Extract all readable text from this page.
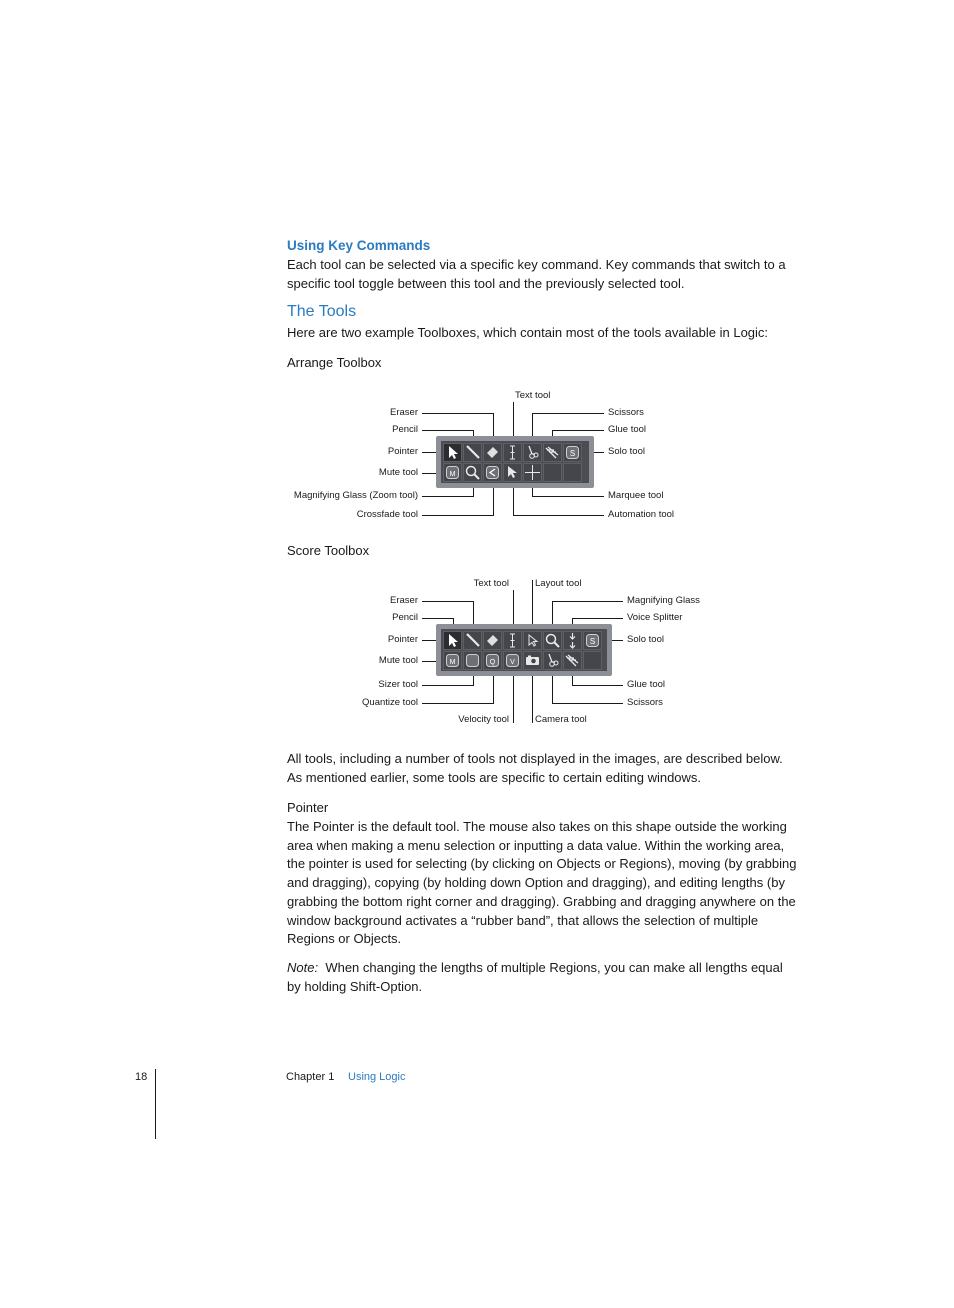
Using Key Commands
Each tool can be selected via a specific key command. Key commands that switch to a specific tool toggle between this tool and the previously selected tool.
The Tools
Here are two example Toolboxes, which contain most of the tools available in Logic:
Arrange Toolbox
Text tool
Eraser
Pencil
Pointer
Mute tool
Magnifying Glass (Zoom tool)
Crossfade tool
Scissors
Glue tool
Solo tool
Marquee tool
Automation tool
S
M
Score Toolbox
Text tool	Layout tool
Eraser
Pencil
Pointer
Mute tool
Sizer tool
Quantize tool
Velocity tool	Camera tool
Magnifying Glass
Voice Splitter
Solo tool
Glue tool
Scissors
S
M	Q V
All tools, including a number of tools not displayed in the images, are described below. As mentioned earlier, some tools are specific to certain editing windows.
Pointer
The Pointer is the default tool. The mouse also takes on this shape outside the working area when making a menu selection or inputting a data value. Within the working area, the pointer is used for selecting (by clicking on Objects or Regions), moving (by grabbing and dragging), copying (by holding down Option and dragging), and editing lengths (by grabbing the bottom right corner and dragging). Grabbing and dragging anywhere on the window background activates a “rubber band”, that allows the selection of multiple Regions or Objects.
Note: When changing the lengths of multiple Regions, you can make all lengths equal by holding Shift-Option.
18	Chapter 1 Using Logic
